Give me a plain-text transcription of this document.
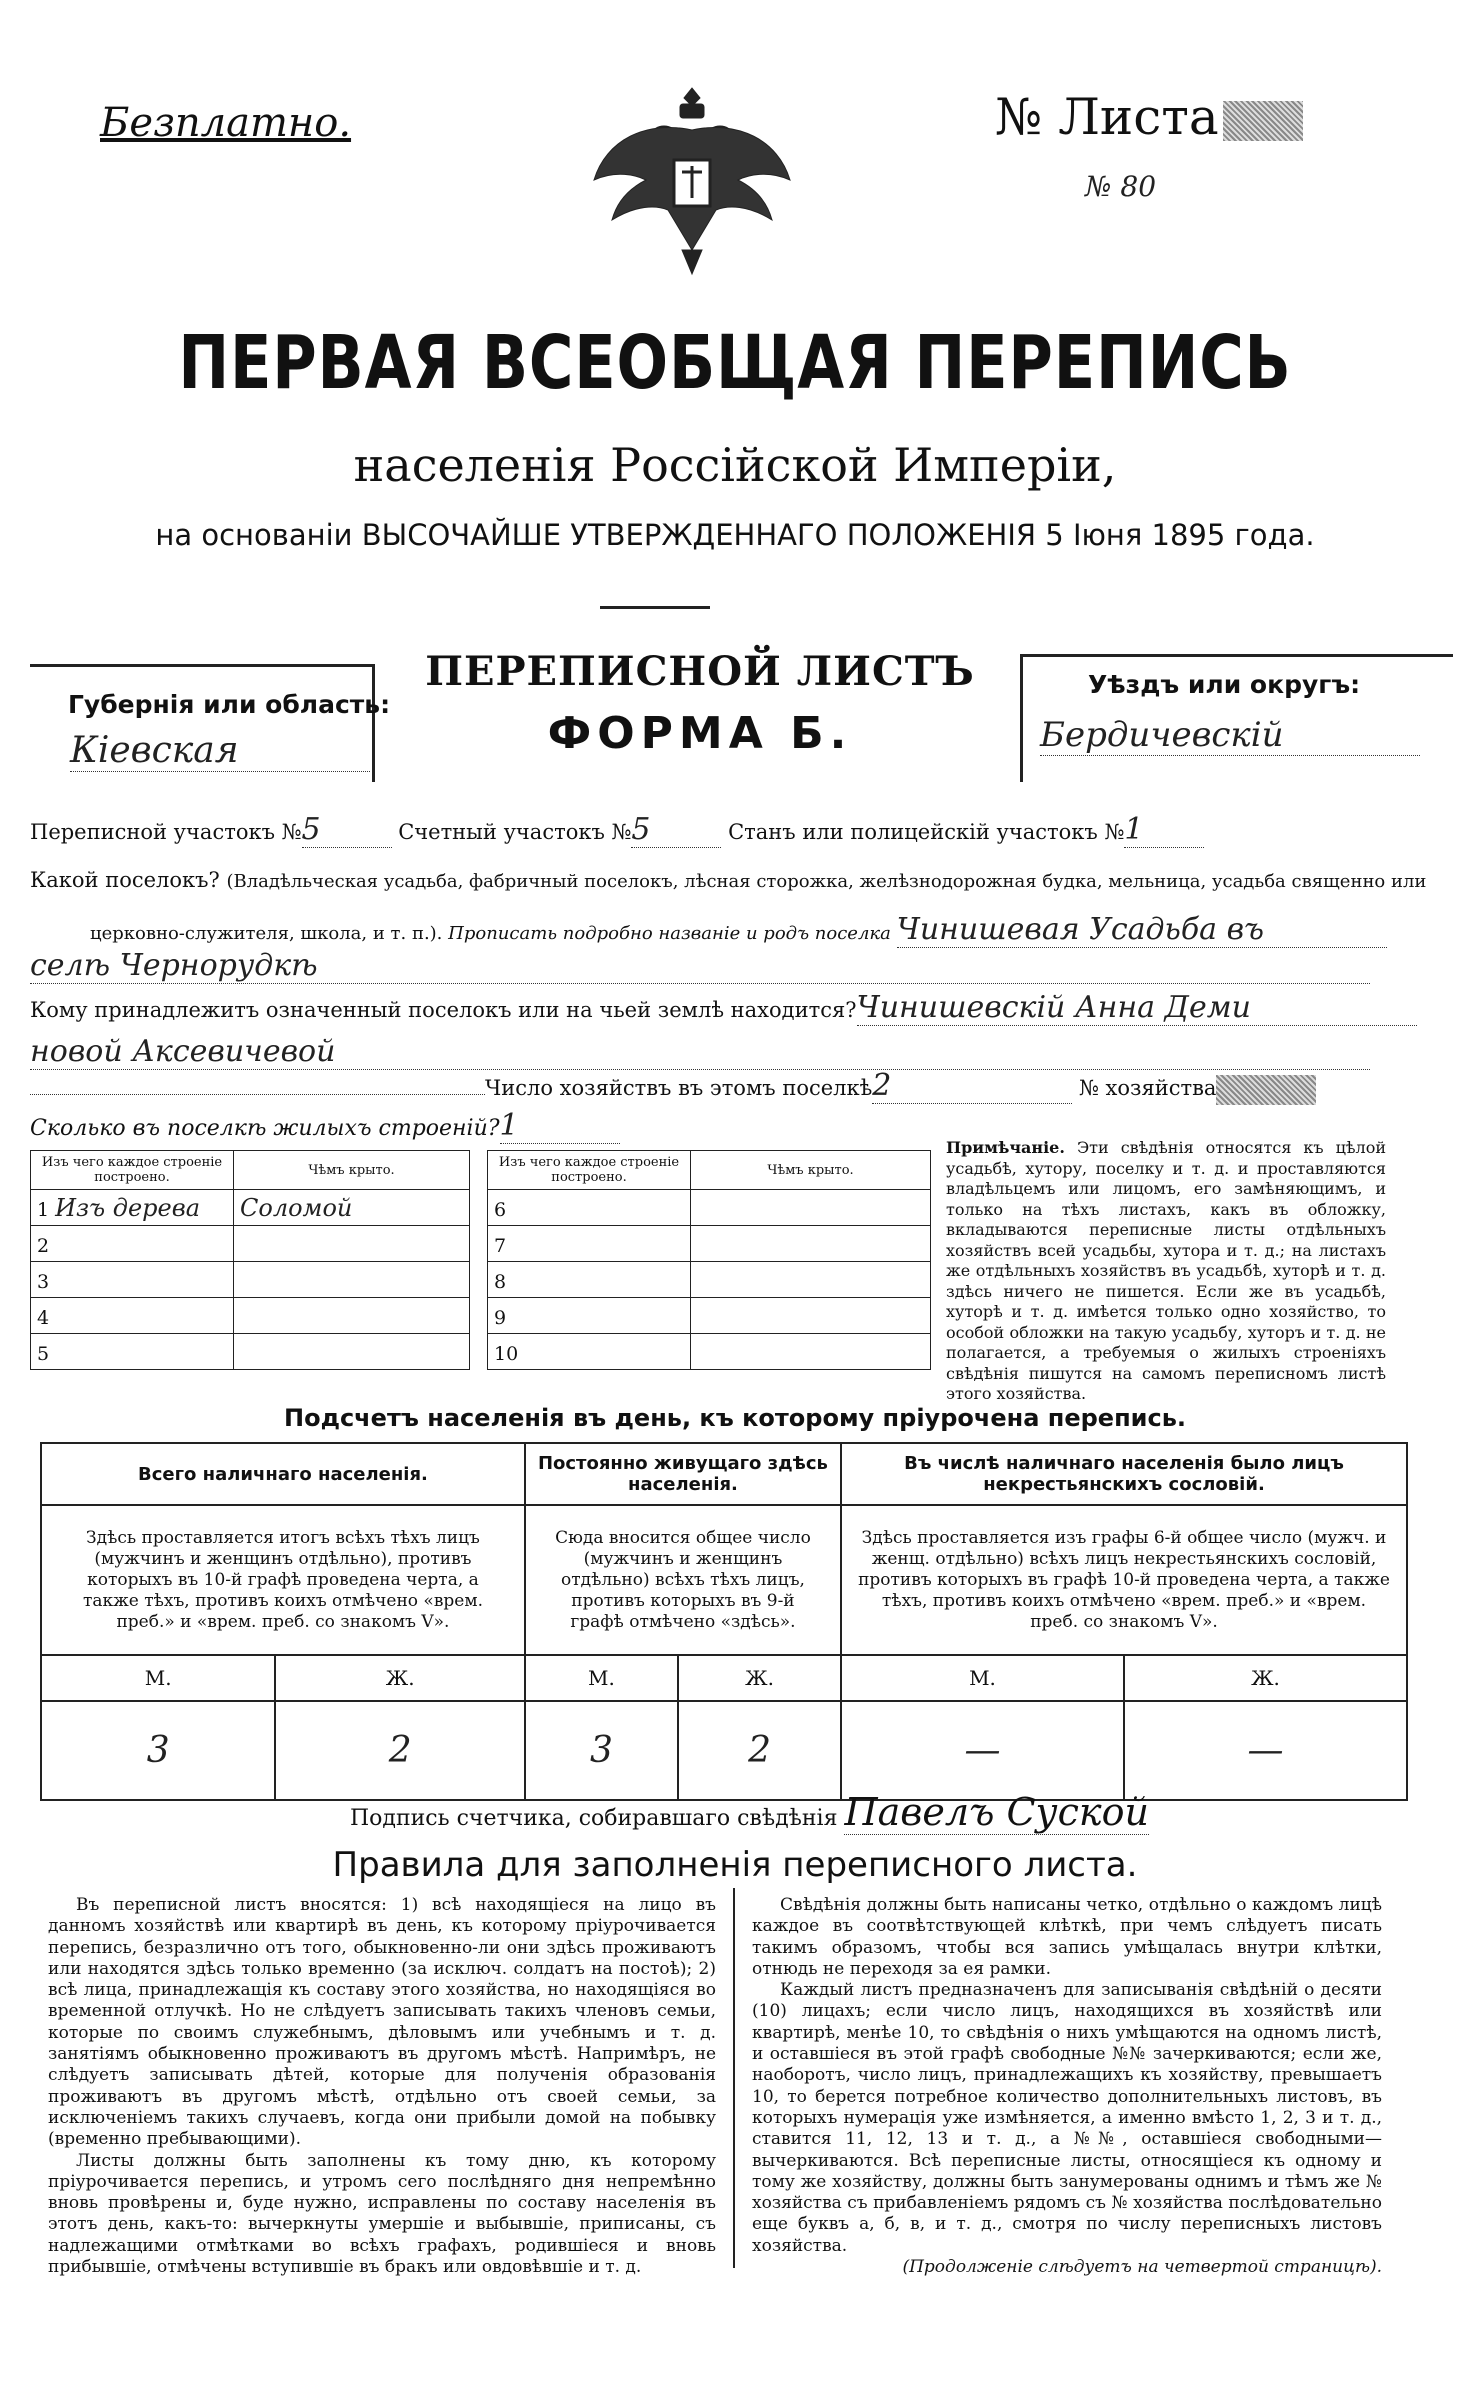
Безплатно.	№ Листа
№ 80
ПЕРВАЯ ВСЕОБЩАЯ ПЕРЕПИСЬ
населенія Россійской Имперіи,
на основаніи ВЫСОЧАЙШЕ УТВЕРЖДЕННАГО ПОЛОЖЕНІЯ 5 Іюня 1895 года.
Губернія или область:
Кіевская
Уѣздъ или округъ:
Бердичевскій
ПЕРЕПИСНОЙ ЛИСТЪ
ФОРМА Б.
Переписной участокъ №5	Счетный участокъ №5	Станъ или полицейскій участокъ №1
Какой поселокъ? (Владѣльческая усадьба, фабричный поселокъ, лѣсная сторожка, желѣзнодорожная будка, мельница, усадьба священно или
церковно-служителя, школа, и т. п.). Прописать подробно названіе и родъ поселка Чинишевая Усадьба въ
селѣ Чернорудкѣ
Кому принадлежитъ означенный поселокъ или на чьей землѣ находится?Чинишевскій Анна Деми
новой Аксевичевой
Число хозяйствъ въ этомъ поселкѣ2	№ хозяйства
Сколько въ поселкѣ жилыхъ строеній?1
Изъ чего каждое строеніе построено.	Чѣмъ крыто.
1 Изъ дерева	Соломой
2	
3	
4	
5	
Изъ чего каждое строеніе построено.	Чѣмъ крыто.
6	
7	
8	
9	
10	
Примѣчаніе. Эти свѣдѣнія относятся къ цѣлой усадьбѣ, хутору, поселку и т. д. и проставляются владѣльцемъ или лицомъ, его замѣняющимъ, и только на тѣхъ листахъ, какъ въ обложку, вкладываются переписные листы отдѣльныхъ хозяйствъ всей усадьбы, хутора и т. д.; на листахъ же отдѣльныхъ хозяйствъ въ усадьбѣ, хуторѣ и т. д. здѣсь ничего не пишется. Если же въ усадьбѣ, хуторѣ и т. д. имѣется только одно хозяйство, то особой обложки на такую усадьбу, хуторъ и т. д. не полагается, а требуемыя о жилыхъ строеніяхъ свѣдѣнія пишутся на самомъ переписномъ листѣ этого хозяйства.
Подсчетъ населенія въ день, къ которому пріурочена перепись.
Всего наличнаго населенія.		Постоянно живущаго здѣсь населенія.		Въ числѣ наличнаго населенія было лицъ некрестьянскихъ сословій.	
Здѣсь проставляется итогъ всѣхъ тѣхъ лицъ (мужчинъ и женщинъ отдѣльно), противъ которыхъ въ 10-й графѣ проведена черта, а также тѣхъ, противъ коихъ отмѣчено «врем. преб.» и «врем. преб. со знакомъ V».		Сюда вносится общее число (мужчинъ и женщинъ отдѣльно) всѣхъ тѣхъ лицъ, противъ которыхъ въ 9-й графѣ отмѣчено «здѣсь».		Здѣсь проставляется изъ графы 6-й общее число (мужч. и женщ. отдѣльно) всѣхъ лицъ некрестьянскихъ сословій, противъ которыхъ въ графѣ 10-й проведена черта, а также тѣхъ, противъ коихъ отмѣчено «врем. преб.» и «врем. преб. со знакомъ V».	
М.	Ж.	М.	Ж.	М.	Ж.
3	2	3	2	—	—
Подпись счетчика, собиравшаго свѣдѣнія Павелъ Суской
Правила для заполненія переписного листа.

Въ переписной листъ вносятся: 1) всѣ находящіеся на лицо въ данномъ хозяйствѣ или квартирѣ въ день, къ которому пріурочивается перепись, безразлично отъ того, обыкновенно-ли они здѣсь проживаютъ или находятся здѣсь только временно (за исключ. солдатъ на постоѣ); 2) всѣ лица, принадлежащія къ составу этого хозяйства, но находящіяся во временной отлучкѣ. Но не слѣдуетъ записывать такихъ членовъ семьи, которые по своимъ служебнымъ, дѣловымъ или учебнымъ и т. д. занятіямъ обыкновенно проживаютъ въ другомъ мѣстѣ. Напримѣръ, не слѣдуетъ записывать дѣтей, которые для полученія образованія проживаютъ въ другомъ мѣстѣ, отдѣльно отъ своей семьи, за исключеніемъ такихъ случаевъ, когда они прибыли домой на побывку (временно пребывающими).

Листы должны быть заполнены къ тому дню, къ которому пріурочивается перепись, и утромъ сего послѣдняго дня непремѣнно вновь провѣрены и, буде нужно, исправлены по составу населенія въ этотъ день, какъ-то: вычеркнуты умершіе и выбывшіе, приписаны, съ надлежащими отмѣтками во всѣхъ графахъ, родившіеся и вновь прибывшіе, отмѣчены вступившіе въ бракъ или овдовѣвшіе и т. д.

Свѣдѣнія должны быть написаны четко, отдѣльно о каждомъ лицѣ каждое въ соотвѣтствующей клѣткѣ, при чемъ слѣдуетъ писать такимъ образомъ, чтобы вся запись умѣщалась внутри клѣтки, отнюдь не переходя за ея рамки.

Каждый листъ предназначенъ для записыванія свѣдѣній о десяти (10) лицахъ; если число лицъ, находящихся въ хозяйствѣ или квартирѣ, менѣе 10, то свѣдѣнія о нихъ умѣщаются на одномъ листѣ, и оставшіеся въ этой графѣ свободные №№ зачеркиваются; если же, наоборотъ, число лицъ, принадлежащихъ къ хозяйству, превышаетъ 10, то берется потребное количество дополнительныхъ листовъ, въ которыхъ нумерація уже измѣняется, а именно вмѣсто 1, 2, 3 и т. д., ставится 11, 12, 13 и т. д., а №№, оставшіеся свободными—вычеркиваются. Всѣ переписные листы, относящіеся къ одному и тому же хозяйству, должны быть занумерованы однимъ и тѣмъ же № хозяйства съ прибавленіемъ рядомъ съ № хозяйства послѣдовательно еще буквъ а, б, в, и т. д., смотря по числу переписныхъ листовъ хозяйства.

(Продолженіе слѣдуетъ на четвертой страницѣ).
